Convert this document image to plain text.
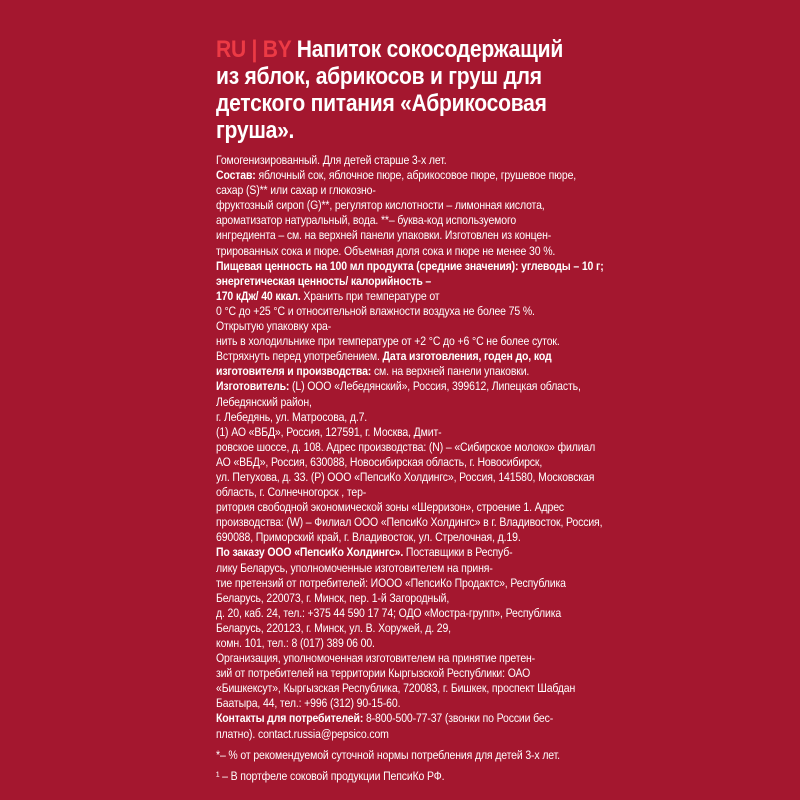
RU | BY Напиток сокосодержащий
из яблок, абрикосов и груш для
детского питания «Абрикосовая
груша».
Гомогенизированный. Для детей старше 3-х лет.
Состав: яблочный сок, яблочное пюре, абрикосовое пюре, грушевое пюре,
сахар (S)** или сахар и глюкозно-
фруктозный сироп (G)**, регулятор кислотности – лимонная кислота,
ароматизатор натуральный, вода. **– буква-код используемого
ингредиента – см. на верхней панели упаковки. Изготовлен из концен-
трированных сока и пюре. Объемная доля сока и пюре не менее 30 %.
Пищевая ценность на 100 мл продукта (средние значения): углеводы – 10 г;
энергетическая ценность/ калорийность –
170 кДж/ 40 ккал. Хранить при температуре от
0 °С до +25 °С и относительной влажности воздуха не более 75 %.
Открытую упаковку хра-
нить в холодильнике при температуре от +2 °С до +6 °С не более суток.
Встряхнуть перед употреблением. Дата изготовления, годен до, код
изготовителя и производства: см. на верхней панели упаковки.
Изготовитель: (L) ООО «Лебедянский», Россия, 399612, Липецкая область,
Лебедянский район,
г. Лебедянь, ул. Матросова, д.7.
(1) АО «ВБД», Россия, 127591, г. Москва, Дмит-
ровское шоссе, д. 108. Адрес производства: (N) – «Сибирское молоко» филиал
АО «ВБД», Россия, 630088, Новосибирская область, г. Новосибирск,
ул. Петухова, д. 33. (P) ООО «ПепсиКо Холдингс», Россия, 141580, Московская
область, г. Солнечногорск , тер-
ритория свободной экономической зоны «Шерризон», строение 1. Адрес
производства: (W) – Филиал ООО «ПепсиКо Холдингс» в г. Владивосток, Россия,
690088, Приморский край, г. Владивосток, ул. Стрелочная, д.19.
По заказу ООО «ПепсиКо Холдингс». Поставщики в Респуб-
лику Беларусь, уполномоченные изготовителем на приня-
тие претензий от потребителей: ИООО «ПепсиКо Продактс», Республика
Беларусь, 220073, г. Минск, пер. 1-й Загородный,
д. 20, каб. 24, тел.: +375 44 590 17 74; ОДО «Мостра-групп», Республика
Беларусь, 220123, г. Минск, ул. В. Хоружей, д. 29,
комн. 101, тел.: 8 (017) 389 06 00.
Организация, уполномоченная изготовителем на принятие претен-
зий от потребителей на территории Кыргызской Республики: ОАО
«Бишкексут», Кыргызская Республика, 720083, г. Бишкек, проспект Шабдан
Баатыра, 44, тел.: +996 (312) 90-15-60.
Контакты для потребителей: 8-800-500-77-37 (звонки по России бес-
платно). contact.russia@pepsico.com
*– % от рекомендуемой суточной нормы потребления для детей 3-х лет.
¹ – В портфеле соковой продукции ПепсиКо РФ.
